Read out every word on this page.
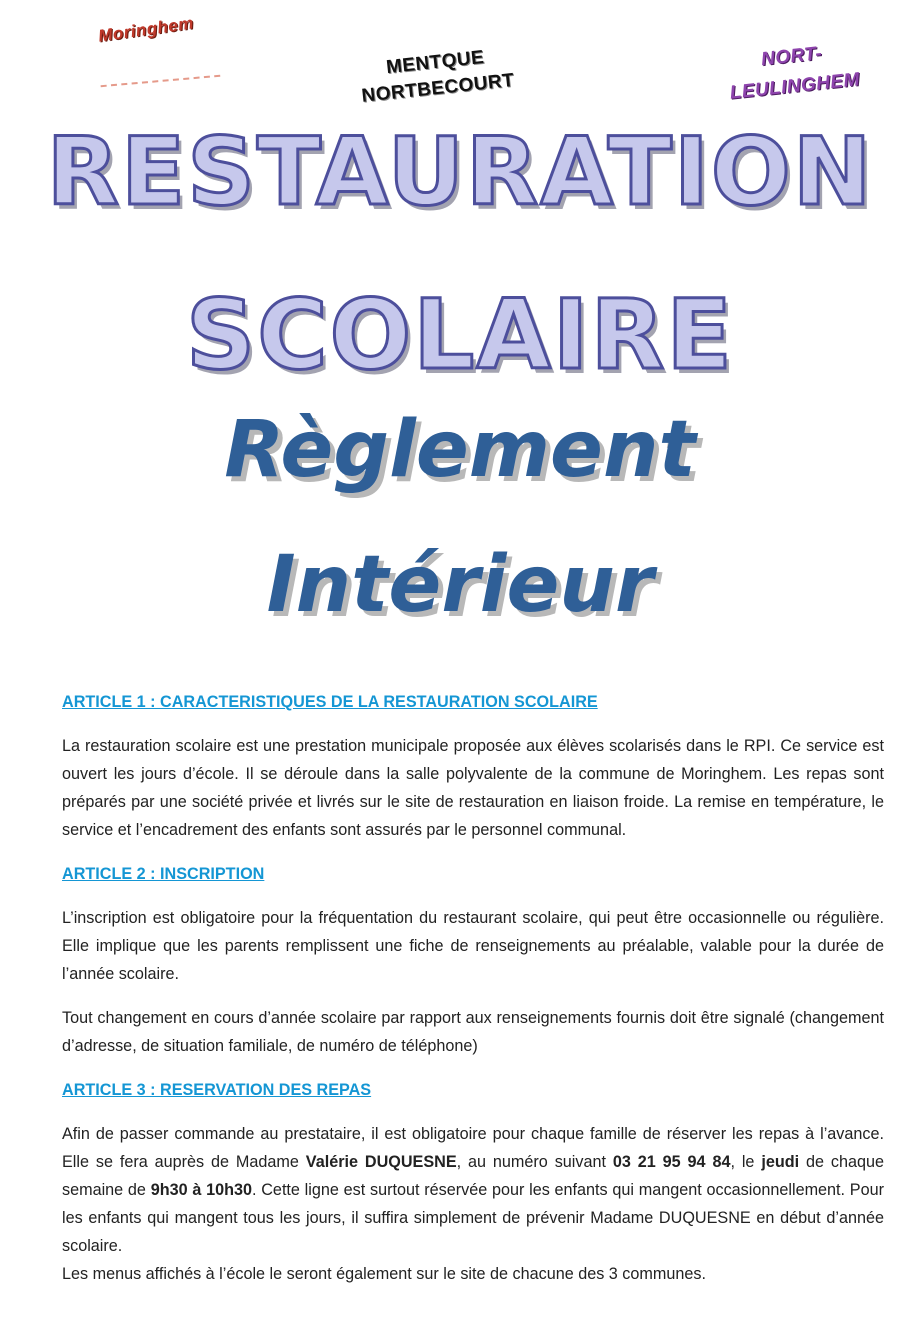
Moringhem
MENTQUE
NORTBECOURT
NORT-
LEULINGHEM
RESTAURATION
SCOLAIRE
Règlement
Intérieur
ARTICLE 1 : CARACTERISTIQUES DE LA RESTAURATION SCOLAIRE

La restauration scolaire est une prestation municipale proposée aux élèves scolarisés dans le RPI. Ce service est ouvert les jours d’école. Il se déroule dans la salle polyvalente de la commune de Moringhem. Les repas sont préparés par une société privée et livrés sur le site de restauration en liaison froide. La remise en température, le service et l’encadrement des enfants sont assurés par le personnel communal.

ARTICLE 2 : INSCRIPTION

L’inscription est obligatoire pour la fréquentation du restaurant scolaire, qui peut être occasionnelle ou régulière. Elle implique que les parents remplissent une fiche de renseignements au préalable, valable pour la durée de l’année scolaire.

Tout changement en cours d’année scolaire par rapport aux renseignements fournis doit être signalé (changement d’adresse, de situation familiale, de numéro de téléphone)

ARTICLE 3 : RESERVATION DES REPAS

Afin de passer commande au prestataire, il est obligatoire pour chaque famille de réserver les repas à l’avance. Elle se fera auprès de Madame Valérie DUQUESNE, au numéro suivant 03 21 95 94 84, le jeudi de chaque semaine de 9h30 à 10h30. Cette ligne est surtout réservée pour les enfants qui mangent occasionnellement. Pour les enfants qui mangent tous les jours, il suffira simplement de prévenir Madame DUQUESNE en début d’année scolaire.

Les menus affichés à l’école le seront également sur le site de chacune des 3 communes.
